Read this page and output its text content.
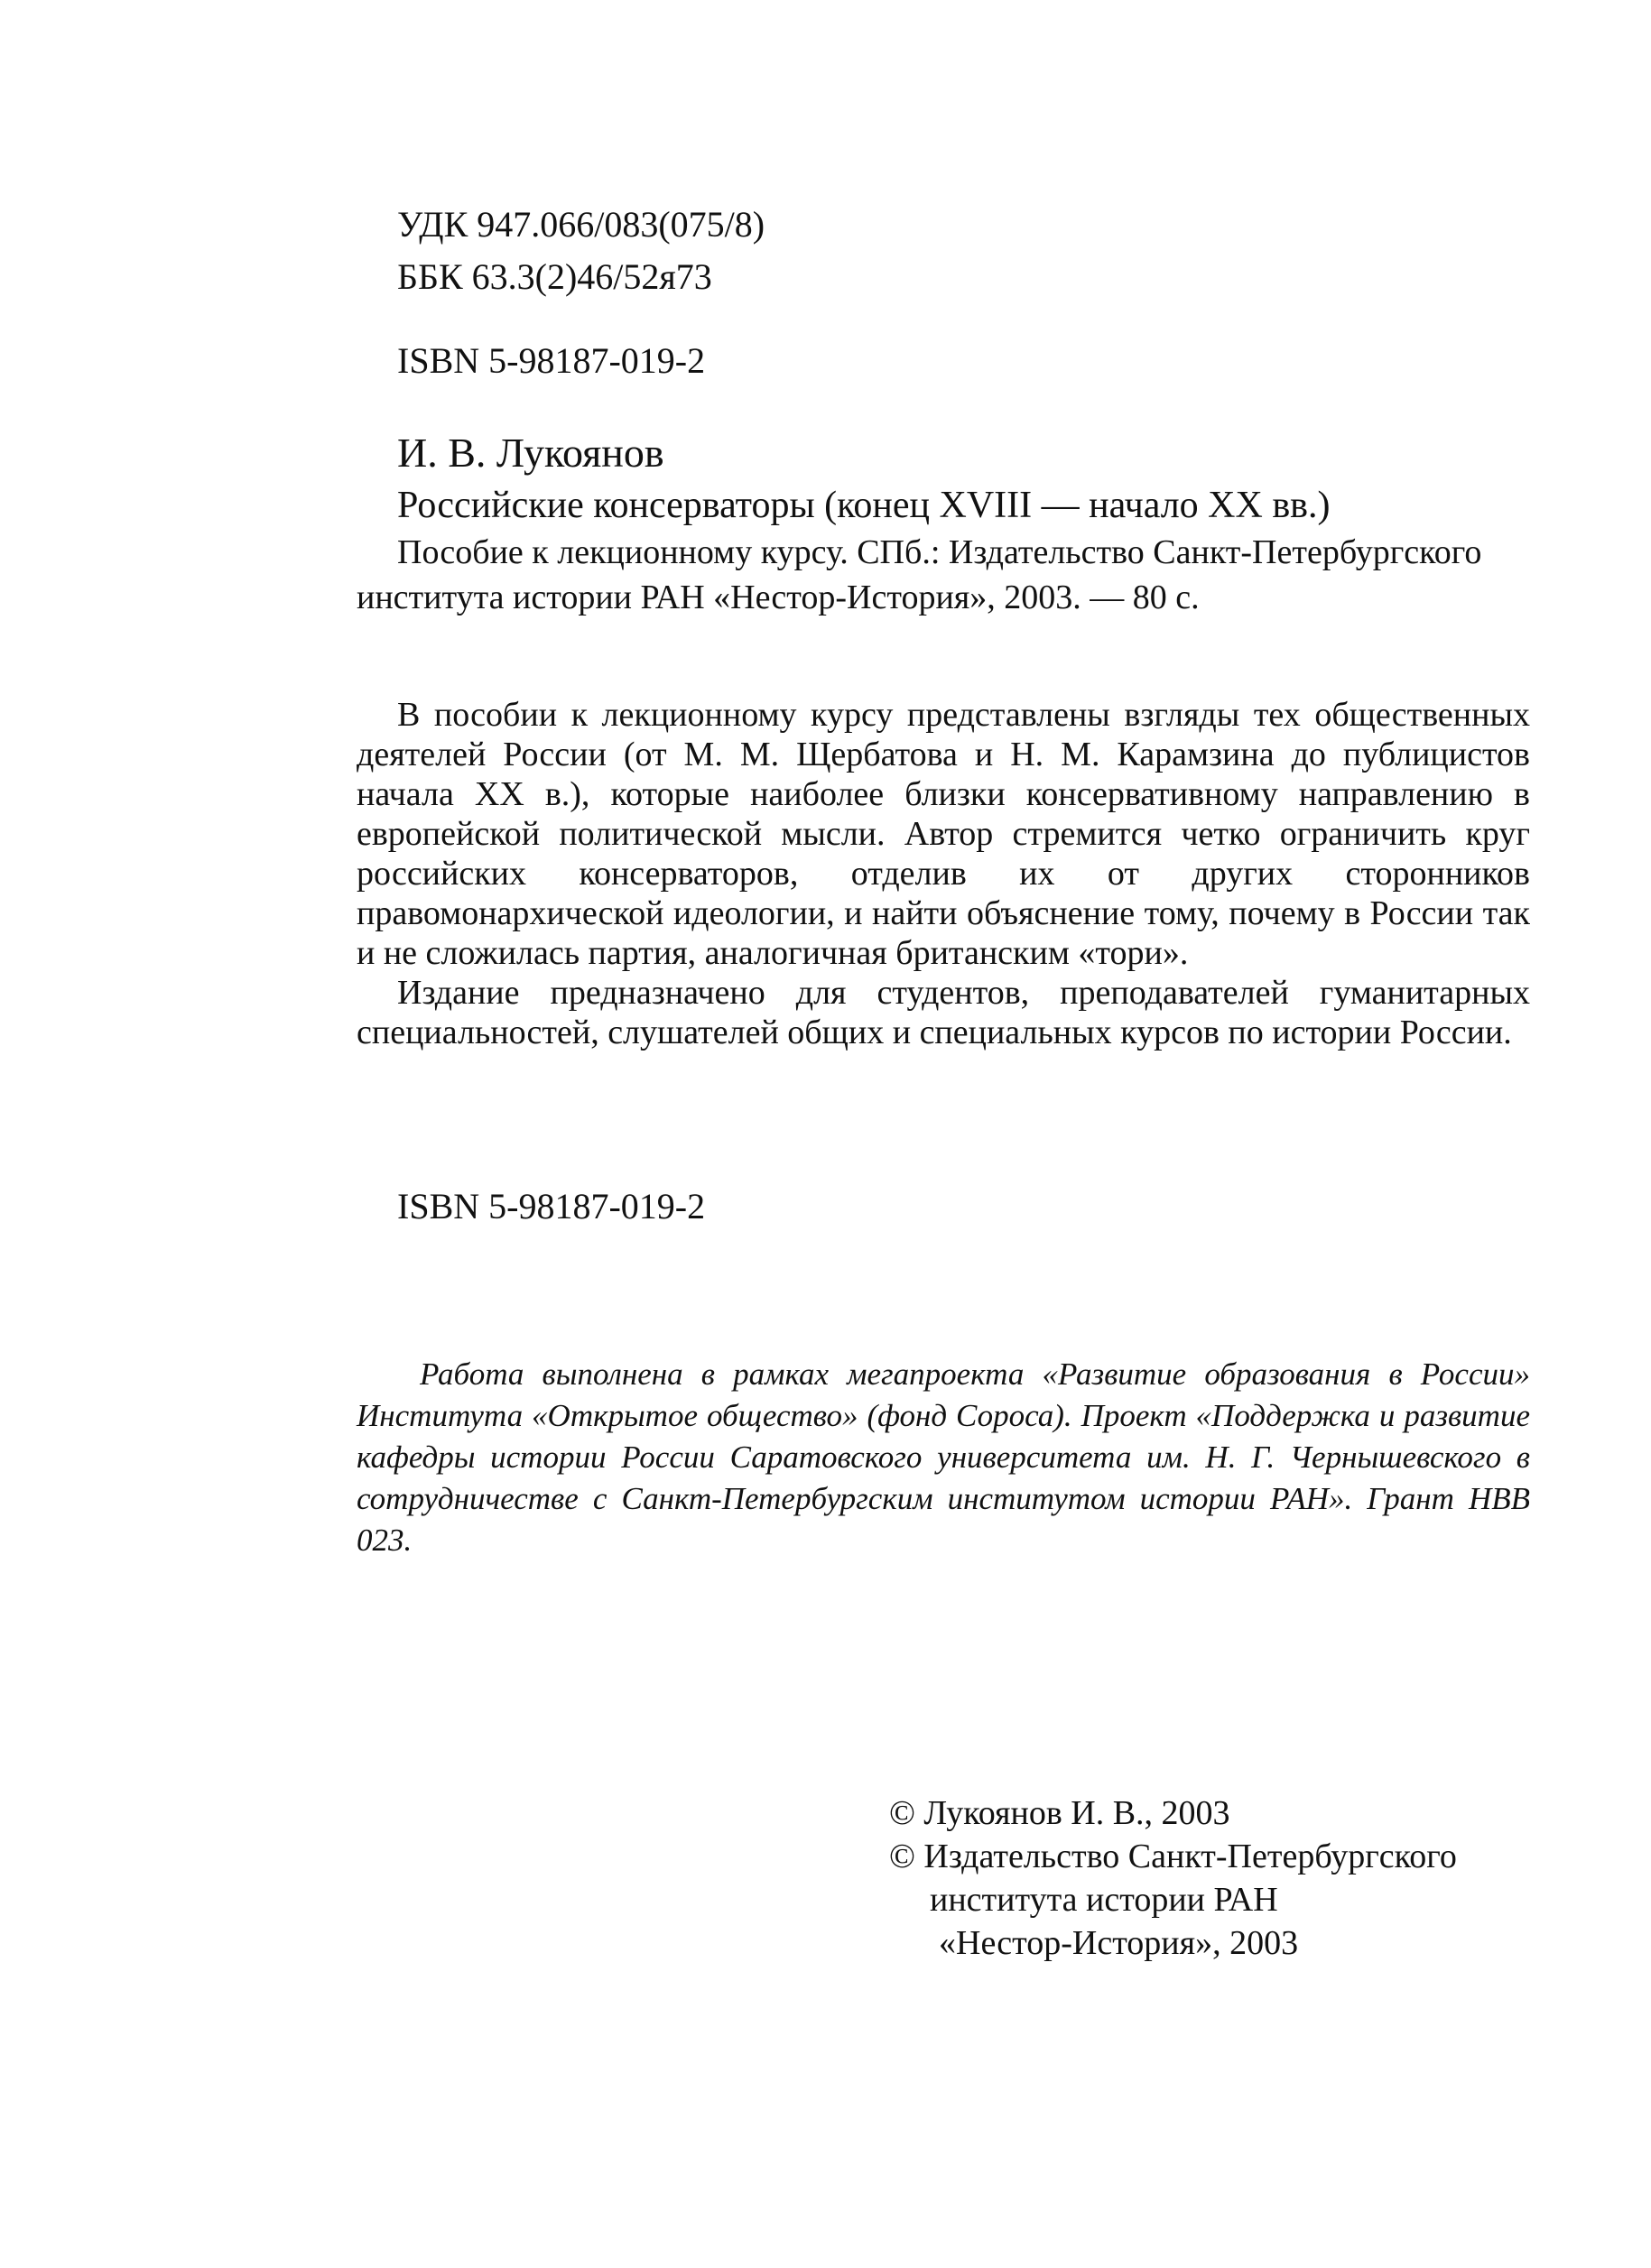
УДК 947.066/083(075/8)
ББК 63.3(2)46/52я73
ISBN 5-98187-019-2
И. В. Лукоянов
Российские консерваторы (конец XVIII — начало XX вв.)
Пособие к лекционному курсу. СПб.: Издательство Санкт-Петербургского
института истории РАН «Нестор-История», 2003. — 80 с.

В пособии к лекционному курсу представлены взгляды тех общественных деятелей России (от М. М. Щербатова и Н. М. Карамзина до публицистов начала XX в.), которые наиболее близки консервативному направлению в европейской политической мысли. Автор стремится четко ограничить круг российских консерваторов, отделив их от других сторонников правомонархической идеологии, и найти объяснение тому, почему в России так и не сложилась партия, аналогичная британским «тори».

Издание предназначено для студентов, преподавателей гуманитарных специальностей, слушателей общих и специальных курсов по истории России.

ISBN 5-98187-019-2
Работа выполнена в рамках мегапроекта «Развитие образования в России» Института «Открытое общество» (фонд Сороса). Проект «Поддержка и развитие кафедры истории России Саратовского университета им. Н. Г. Чернышевского в сотрудничестве с Санкт-Петербургским институтом истории РАН». Грант НВВ 023.
© Лукоянов И. В., 2003
© Издательство Санкт-Петербургского
института истории РАН
«Нестор-История», 2003
